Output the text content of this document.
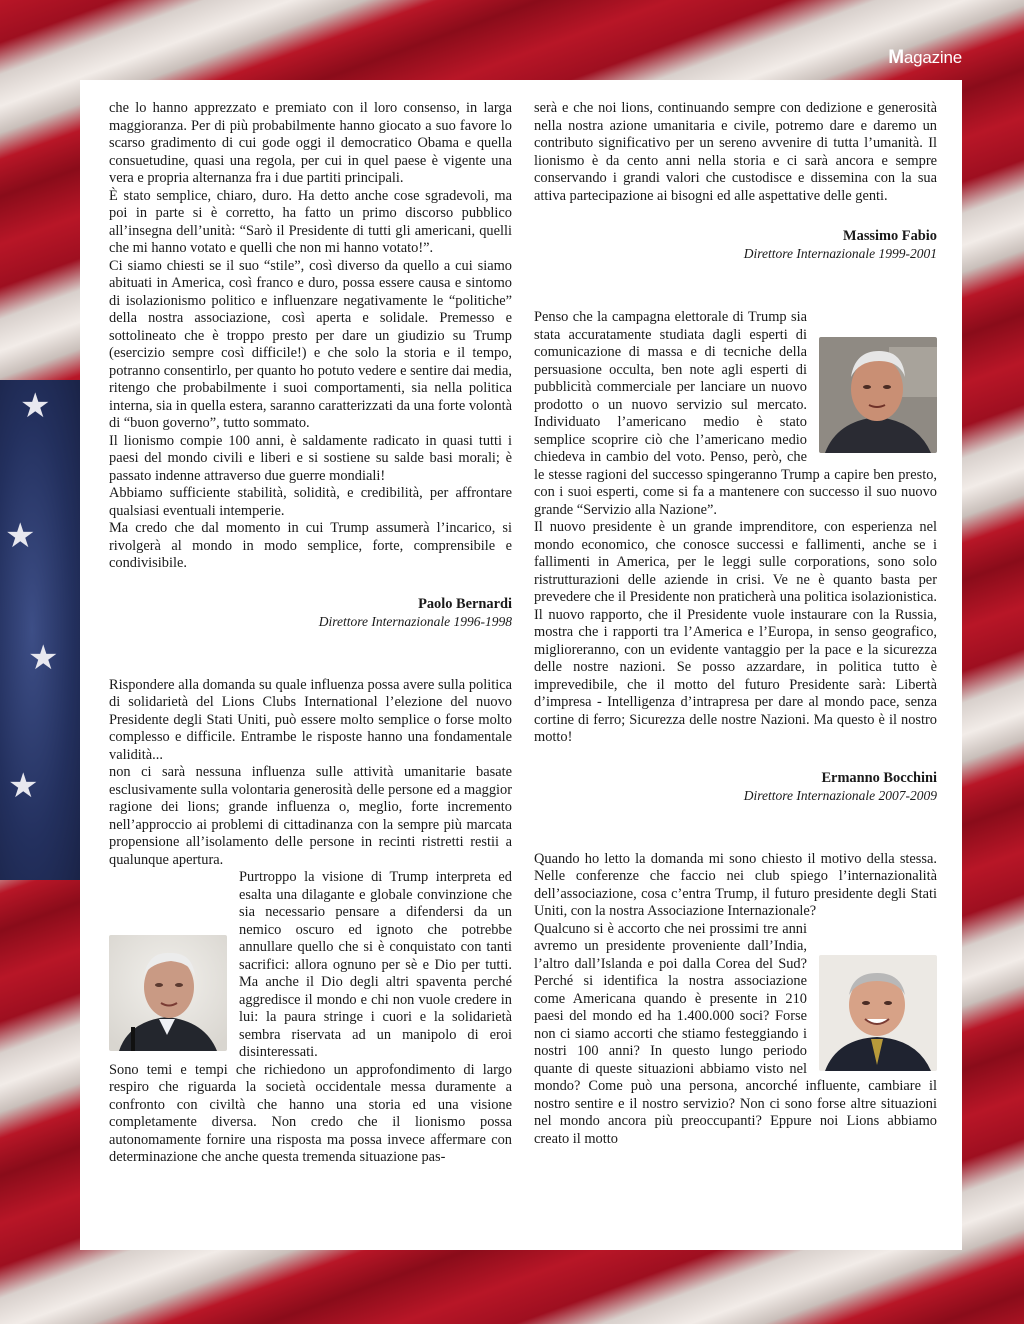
★
★
★
★
Magazine

che lo hanno apprezzato e premiato con il loro consenso, in larga maggioranza. Per di più probabilmente hanno giocato a suo favore lo scarso gradimento di cui gode oggi il democratico Obama e quella consuetudine, quasi una regola, per cui in quel paese è vigente una vera e propria alternanza fra i due partiti principali.

È stato semplice, chiaro, duro. Ha detto anche cose sgradevoli, ma poi in parte si è corretto, ha fatto un primo discorso pubblico all’insegna dell’unità: “Sarò il Presidente di tutti gli americani, quelli che mi hanno votato e quelli che non mi hanno votato!”.

Ci siamo chiesti se il suo “stile”, così diverso da quello a cui siamo abituati in America, così franco e duro, possa essere causa e sintomo di isolazionismo politico e influenzare negativamente le “politiche” della nostra associazione, così aperta e solidale. Premesso e sottolineato che è troppo presto per dare un giudizio su Trump (esercizio sempre così difficile!) e che solo la storia e il tempo, potranno consentirlo, per quanto ho potuto vedere e sentire dai media, ritengo che probabilmente i suoi comportamenti, sia nella politica interna, sia in quella estera, saranno caratterizzati da una forte volontà di “buon governo”, tutto sommato.

Il lionismo compie 100 anni, è saldamente radicato in quasi tutti i paesi del mondo civili e liberi e si sostiene su salde basi morali; è passato indenne attraverso due guerre mondiali!

Abbiamo sufficiente stabilità, solidità, e credibilità, per affrontare qualsiasi eventuali intemperie.

Ma credo che dal momento in cui Trump assumerà l’incarico, si rivolgerà al mondo in modo semplice, forte, comprensibile e condivisibile.

Paolo Bernardi
Direttore Internazionale 1996-1998

Rispondere alla domanda su quale influenza possa avere sulla politica di solidarietà del Lions Clubs International l’elezione del nuovo Presidente degli Stati Uniti, può essere molto semplice o forse molto complesso e difficile. Entrambe le risposte hanno una fondamentale validità...

non ci sarà nessuna influenza sulle attività umanitarie basate esclusivamente sulla volontaria generosità delle persone ed a maggior ragione dei lions; grande influenza o, meglio, forte incremento nell’approccio ai problemi di cittadinanza con la sempre più marcata propensione all’isolamento delle persone in recinti ristretti restii a qualunque apertura.

Purtroppo la visione di Trump interpreta ed esalta una dilagante e globale convinzione che sia necessario pensare a difendersi da un nemico oscuro ed ignoto che potrebbe annullare quello che si è conquistato con tanti sacrifici: allora ognuno per sè e Dio per tutti. Ma anche il Dio degli altri spaventa perché aggredisce il mondo e chi non vuole credere in lui: la paura stringe i cuori e la solidarietà sembra riservata ad un manipolo di eroi disinteressati.

Sono temi e tempi che richiedono un approfondimento di largo respiro che riguarda la società occidentale messa duramente a confronto con civiltà che hanno una storia ed una visione completamente diversa. Non credo che il lionismo possa autonomamente fornire una risposta ma possa invece affermare con determinazione che anche questa tremenda situazione pas-

serà e che noi lions, continuando sempre con dedizione e generosità nella nostra azione umanitaria e civile, potremo dare e daremo un contributo significativo per un sereno avvenire di tutta l’umanità. Il lionismo è da cento anni nella storia e ci sarà ancora e sempre conservando i grandi valori che custodisce e dissemina con la sua attiva partecipazione ai bisogni ed alle aspettative delle genti.

Massimo Fabio
Direttore Internazionale 1999-2001

Penso che la campagna elettorale di Trump sia stata accuratamente studiata dagli esperti di comunicazione di massa e di tecniche della persuasione occulta, ben note agli esperti di pubblicità commerciale per lanciare un nuovo prodotto o un nuovo servizio sul mercato. Individuato l’americano medio è stato semplice scoprire ciò che l’americano medio chiedeva in cambio del voto. Penso, però, che le stesse ragioni del successo spingeranno Trump a capire ben presto, con i suoi esperti, come si fa a mantenere con successo il suo nuovo grande “Servizio alla Nazione”.

Il nuovo presidente è un grande imprenditore, con esperienza nel mondo economico, che conosce successi e fallimenti, anche se i fallimenti in America, per le leggi sulle corporations, sono solo ristrutturazioni delle aziende in crisi. Ve ne è quanto basta per prevedere che il Presidente non praticherà una politica isolazionistica. Il nuovo rapporto, che il Presidente vuole instaurare con la Russia, mostra che i rapporti tra l’America e l’Europa, in senso geografico, miglioreranno, con un evidente vantaggio per la pace e la sicurezza delle nostre nazioni. Se posso azzardare, in politica tutto è imprevedibile, che il motto del futuro Presidente sarà: Libertà d’impresa - Intelligenza d’intrapresa per dare al mondo pace, senza cortine di ferro; Sicurezza delle nostre Nazioni. Ma questo è il nostro motto!

Ermanno Bocchini
Direttore Internazionale 2007-2009

Quando ho letto la domanda mi sono chiesto il motivo della stessa. Nelle conferenze che faccio nei club spiego l’internazionalità dell’associazione, cosa c’entra Trump, il futuro presidente degli Stati Uniti, con la nostra Associazione Internazionale?

Qualcuno si è accorto che nei prossimi tre anni avremo un presidente proveniente dall’India, l’altro dall’Islanda e poi dalla Corea del Sud? Perché si identifica la nostra associazione come Americana quando è presente in 210 paesi del mondo ed ha 1.400.000 soci? Forse non ci siamo accorti che stiamo festeggiando i nostri 100 anni? In questo lungo periodo quante di queste situazioni abbiamo visto nel mondo? Come può una persona, ancorché influente, cambiare il nostro sentire e il nostro servizio? Non ci sono forse altre situazioni nel mondo ancora più preoccupanti? Eppure noi Lions abbiamo creato il motto
